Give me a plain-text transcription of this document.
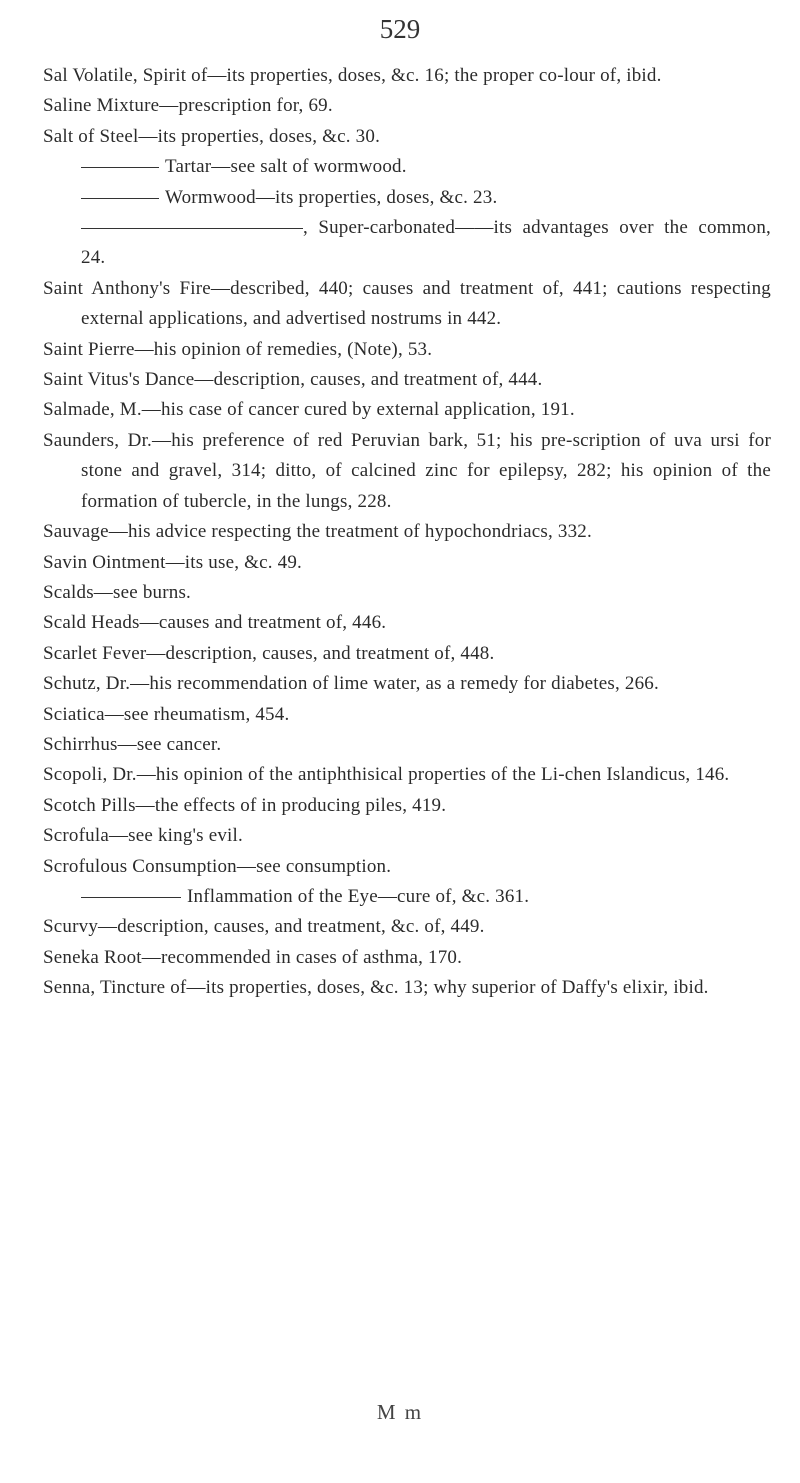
529

Sal Volatile, Spirit of—its properties, doses, &c. 16; the proper co-lour of, ibid.

Saline Mixture—prescription for, 69.

Salt of Steel—its properties, doses, &c. 30.

Tartar—see salt of wormwood.

Wormwood—its properties, doses, &c. 23.

, Super-carbonated——its advantages over the common, 24.

Saint Anthony's Fire—described, 440; causes and treatment of, 441; cautions respecting external applications, and advertised nostrums in 442.

Saint Pierre—his opinion of remedies, (Note), 53.

Saint Vitus's Dance—description, causes, and treatment of, 444.

Salmade, M.—his case of cancer cured by external application, 191.

Saunders, Dr.—his preference of red Peruvian bark, 51; his pre-scription of uva ursi for stone and gravel, 314; ditto, of calcined zinc for epilepsy, 282; his opinion of the formation of tubercle, in the lungs, 228.

Sauvage—his advice respecting the treatment of hypochondriacs, 332.

Savin Ointment—its use, &c. 49.

Scalds—see burns.

Scald Heads—causes and treatment of, 446.

Scarlet Fever—description, causes, and treatment of, 448.

Schutz, Dr.—his recommendation of lime water, as a remedy for diabetes, 266.

Sciatica—see rheumatism, 454.

Schirrhus—see cancer.

Scopoli, Dr.—his opinion of the antiphthisical properties of the Li-chen Islandicus, 146.

Scotch Pills—the effects of in producing piles, 419.

Scrofula—see king's evil.

Scrofulous Consumption—see consumption.

Inflammation of the Eye—cure of, &c. 361.

Scurvy—description, causes, and treatment, &c. of, 449.

Seneka Root—recommended in cases of asthma, 170.

Senna, Tincture of—its properties, doses, &c. 13; why superior of Daffy's elixir, ibid.

M m
